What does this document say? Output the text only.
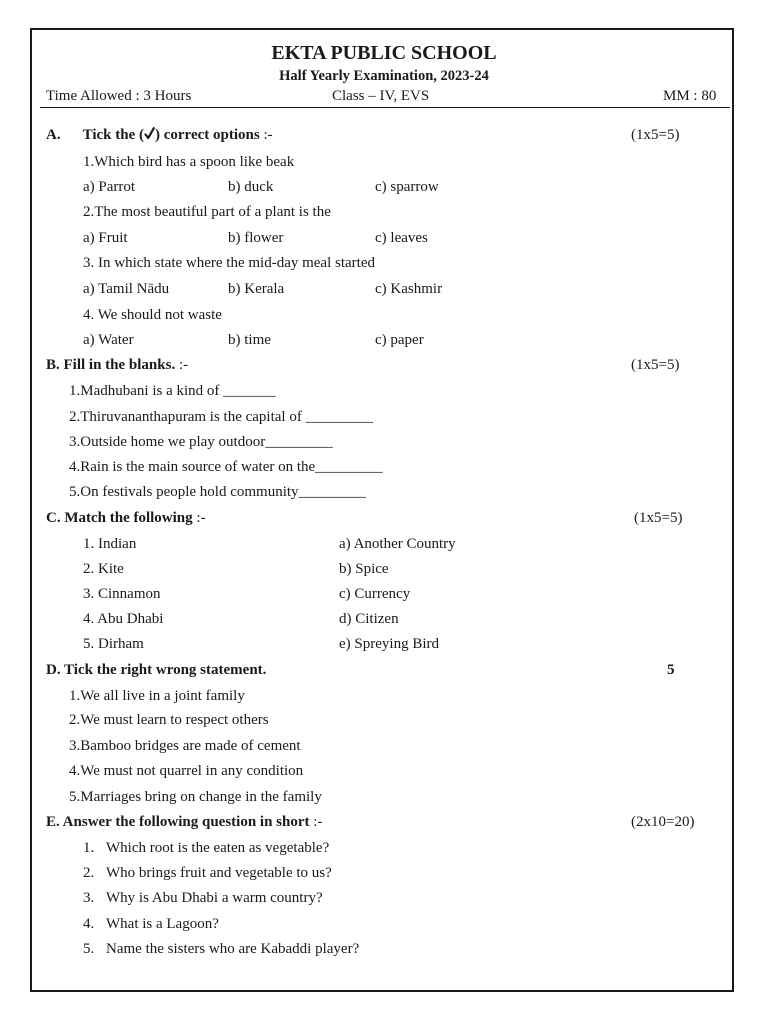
EKTA PUBLIC SCHOOL
Half Yearly Examination, 2023-24
Time Allowed : 3 Hours	Class – IV, EVS	MM : 80
A. Tick the ( ) correct options :-	(1x5=5)
1.Which bird has a spoon like beak
a) Parrot	b) duck	c) sparrow
2.The most beautiful part of a plant is the
a) Fruit	b) flower	c) leaves
3. In which state where the mid-day meal started
a) Tamil Nādu	b) Kerala	c) Kashmir
4. We should not waste
a) Water	b) time	c) paper
B. Fill in the blanks. :-	(1x5=5)
1.Madhubani is a kind of _______
2.Thiruvananthapuram is the capital of _________
3.Outside home we play outdoor_________
4.Rain is the main source of water on the_________
5.On festivals people hold community_________
C. Match the following :-	(1x5=5)
1. Indian	a) Another Country
2. Kite	b) Spice
3. Cinnamon	c) Currency
4. Abu Dhabi	d) Citizen
5. Dirham	e) Spreying Bird
D. Tick the right wrong statement.	5
1.We all live in a joint family
2.We must learn to respect others
3.Bamboo bridges are made of cement
4.We must not quarrel in any condition
5.Marriages bring on change in the family
E. Answer the following question in short :-	(2x10=20)
1. Which root is the eaten as vegetable?
2. Who brings fruit and vegetable to us?
3. Why is Abu Dhabi a warm country?
4. What is a Lagoon?
5. Name the sisters who are Kabaddi player?
